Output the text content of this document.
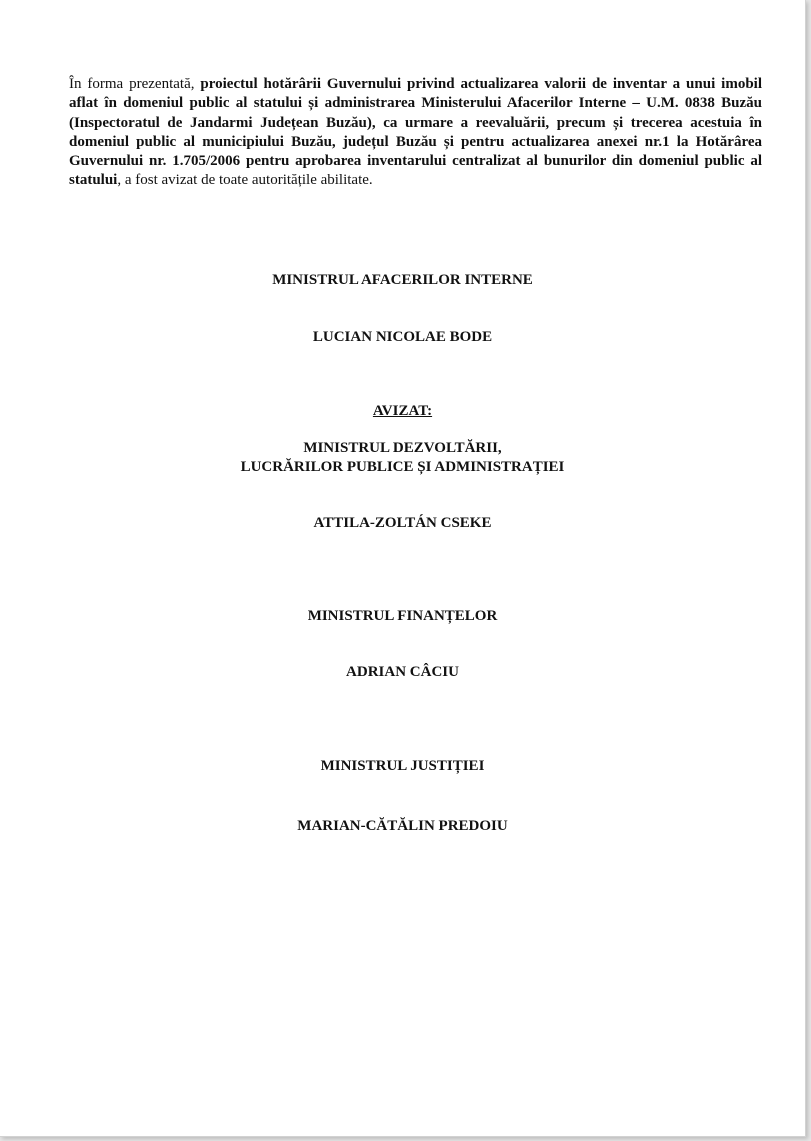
În forma prezentată, proiectul hotărârii Guvernului privind actualizarea valorii de inventar a unui imobil aflat în domeniul public al statului și administrarea Ministerului Afacerilor Interne – U.M. 0838 Buzău (Inspectoratul de Jandarmi Județean Buzău), ca urmare a reevaluării, precum și trecerea acestuia în domeniul public al municipiului Buzău, județul Buzău și pentru actualizarea anexei nr.1 la Hotărârea Guvernului nr. 1.705/2006 pentru aprobarea inventarului centralizat al bunurilor din domeniul public al statului, a fost avizat de toate autoritățile abilitate.

MINISTRUL AFACERILOR INTERNE

LUCIAN NICOLAE BODE

AVIZAT:

MINISTRUL DEZVOLTĂRII,

LUCRĂRILOR PUBLICE ȘI ADMINISTRAȚIEI

ATTILA-ZOLTÁN CSEKE

MINISTRUL FINANȚELOR

ADRIAN CÂCIU

MINISTRUL JUSTIȚIEI

MARIAN-CĂTĂLIN PREDOIU
